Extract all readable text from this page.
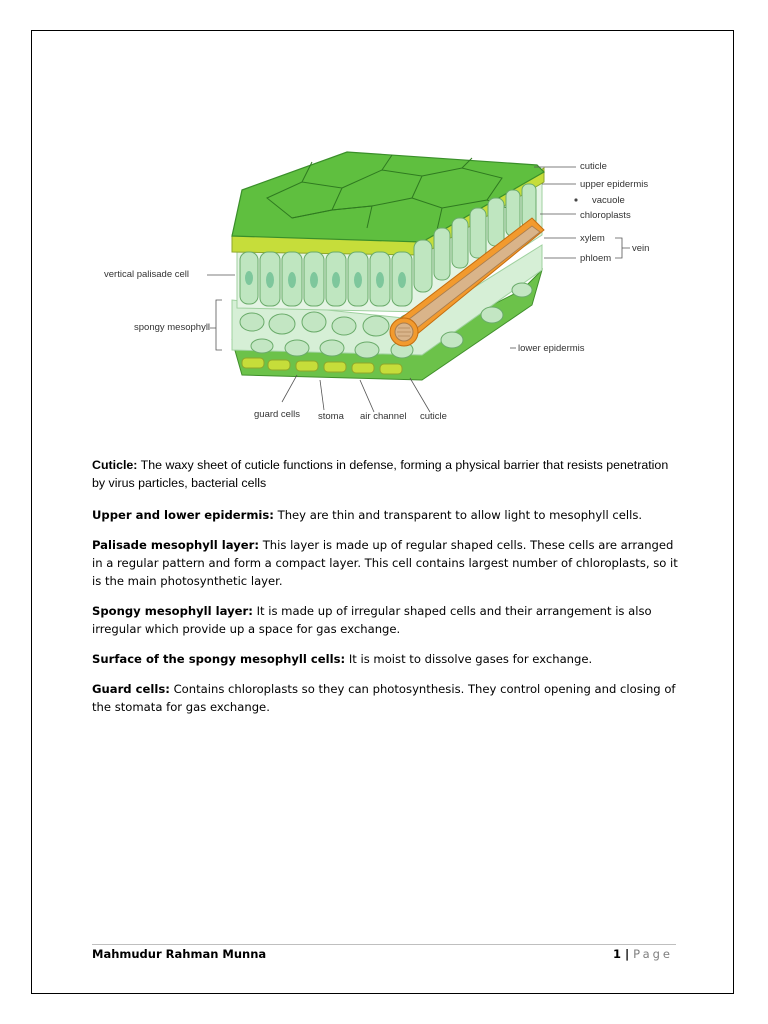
cuticle
upper epidermis
vacuole
chloroplasts
xylem
phloem
vein
vertical palisade cell
spongy mesophyll
lower epidermis
guard cells stoma air channel cuticle

Cuticle: The waxy sheet of cuticle functions in defense, forming a physical barrier that resists penetration by virus particles, bacterial cells

Upper and lower epidermis: They are thin and transparent to allow light to mesophyll cells.

Palisade mesophyll layer: This layer is made up of regular shaped cells. These cells are arranged in a regular pattern and form a compact layer. This cell contains largest number of chloroplasts, so it is the main photosynthetic layer.

Spongy mesophyll layer: It is made up of irregular shaped cells and their arrangement is also irregular which provide up a space for gas exchange.

Surface of the spongy mesophyll cells: It is moist to dissolve gases for exchange.

Guard cells: Contains chloroplasts so they can photosynthesis. They control opening and closing of the stomata for gas exchange.

Mahmudur Rahman Munna	1 | Page
